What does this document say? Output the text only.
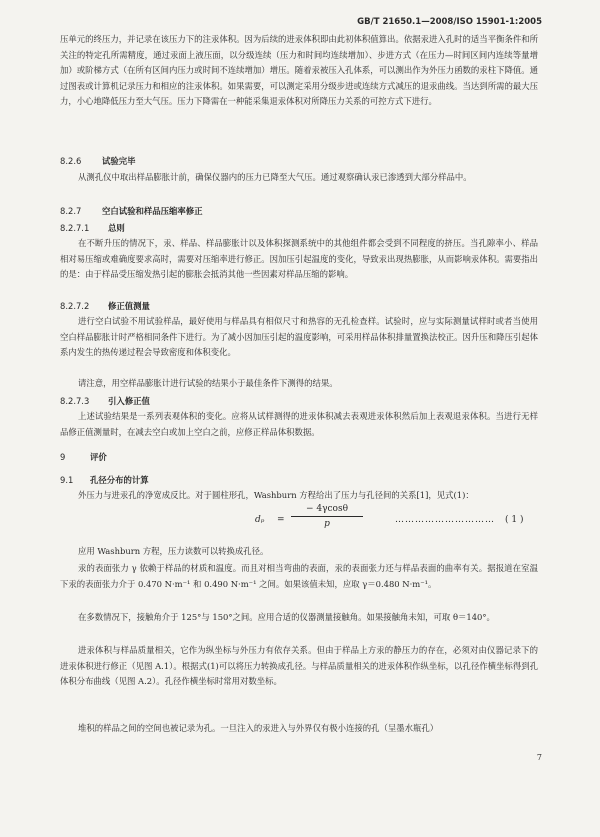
GB/T 21650.1—2008/ISO 15901-1:2005

压单元的终压力，并记录在该压力下的注汞体积。因为后续的进汞体积即由此初体积值算出。依据汞进入孔时的适当平衡条件和所关注的特定孔所需精度，通过汞面上液压面，以分级连续（压力和时间均连续增加）、步进方式（在压力—时间区间内连续等量增加）或阶梯方式（在所有区间内压力或时间不连续增加）增压。随着汞被压入孔体系，可以测出作为外压力函数的汞柱下降值。通过图表或计算机记录压力和相应的注汞体积。如果需要，可以测定采用分级步进或连续方式减压的退汞曲线。当达到所需的最大压力，小心地降低压力至大气压。压力下降需在一种能采集退汞体积对所降压力关系的可控方式下进行。

8.2.6 试验完毕

从测孔仪中取出样品膨胀计前，确保仪器内的压力已降至大气压。通过观察确认汞已渗透到大部分样品中。

8.2.7 空白试验和样品压缩率修正
8.2.7.1 总则

在不断升压的情况下，汞、样品、样品膨胀计以及体积探测系统中的其他组件都会受到不同程度的挤压。当孔隙率小、样品相对易压缩或难确度要求高时，需要对压缩率进行修正。因加压引起温度的变化，导致汞出现热膨胀，从而影响汞体积。需要指出的是：由于样品受压缩发热引起的膨胀会抵消其他一些因素对样品压缩的影响。

8.2.7.2 修正值测量

进行空白试验不用试验样品，最好使用与样品具有相似尺寸和热容的无孔检查样。试验时，应与实际测量试样时或者当使用空白样品膨胀计时严格相同条件下进行。为了减小因加压引起的温度影响，可采用样品体积排量置换法校正。因升压和降压引起体系内发生的热传递过程会导致密度和体积变化。

请注意，用空样品膨胀计进行试验的结果小于最佳条件下测得的结果。

8.2.7.3 引入修正值

上述试验结果是一系列表观体积的变化。应将从试样测得的进汞体积减去表观进汞体积然后加上表观退汞体积。当进行无样品修正值测量时，在减去空白或加上空白之前，应修正样品体积数据。

9	评价
9.1 孔径分布的计算

外压力与进汞孔的净宽成反比。对于圆柱形孔，Washburn 方程给出了压力与孔径间的关系[1]，见式(1)：

$d_p = \frac{- 4\gamma\cos\theta}{p}$	………………………… ( 1 )

应用 Washburn 方程，压力读数可以转换成孔径。

汞的表面张力 γ 依赖于样品的材质和温度。而且对相当弯曲的表面，汞的表面张力还与样品表面的曲率有关。据报道在室温下汞的表面张力介于 0.470 N·m⁻¹ 和 0.490 N·m⁻¹ 之间。如果该值未知，应取 γ＝0.480 N·m⁻¹。

在多数情况下，接触角介于 125°与 150°之间。应用合适的仪器测量接触角。如果接触角未知，可取 θ＝140°。

进汞体积与样品质量相关，它作为纵坐标与外压力有依存关系。但由于样品上方汞的静压力的存在，必须对由仪器记录下的进汞体积进行修正（见图 A.1）。根据式(1)可以将压力转换成孔径。与样品质量相关的进汞体积作纵坐标，以孔径作横坐标得到孔体积分布曲线（见图 A.2）。孔径作横坐标时常用对数坐标。

堆积的样品之间的空间也被记录为孔。一旦注入的汞进入与外界仅有极小连接的孔（呈墨水瓶孔）

7
